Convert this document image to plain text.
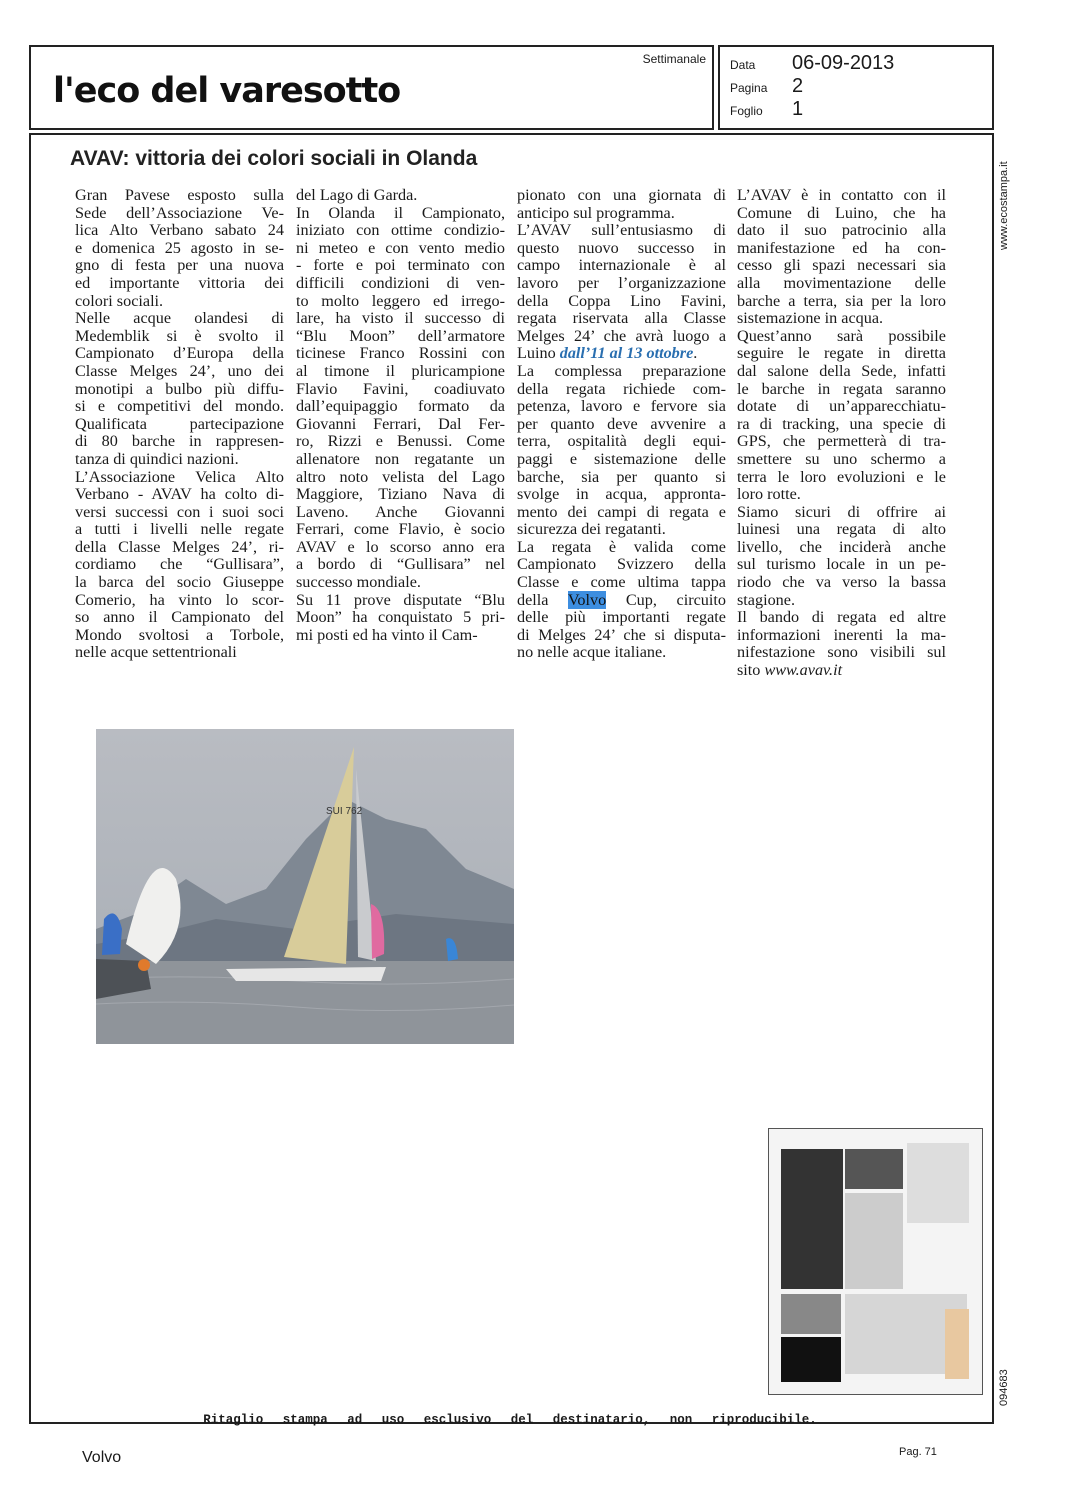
l'eco del varesotto
Settimanale Data 06-09-2013
Pagina 2
Foglio 1
AVAV: vittoria dei colori sociali in Olanda
Gran Pavese esposto sulla
Sede dell’Associazione Ve-
lica Alto Verbano sabato 24
e domenica 25 agosto in se-
gno di festa per una nuova
ed importante vittoria dei
colori sociali.
Nelle acque olandesi di
Medemblik si è svolto il
Campionato d’Europa della
Classe Melges 24’, uno dei
monotipi a bulbo più diffu-
si e competitivi del mondo.
Qualificata partecipazione
di 80 barche in rappresen-
tanza di quindici nazioni.
L’Associazione Velica Alto
Verbano - AVAV ha colto di-
versi successi con i suoi soci
a tutti i livelli nelle regate
della Classe Melges 24’, ri-
cordiamo che “Gullisara”,
la barca del socio Giuseppe
Comerio, ha vinto lo scor-
so anno il Campionato del
Mondo svoltosi a Torbole,
nelle acque settentrionali
del Lago di Garda.
In Olanda il Campionato,
iniziato con ottime condizio-
ni meteo e con vento medio
- forte e poi terminato con
difficili condizioni di ven-
to molto leggero ed irrego-
lare, ha visto il successo di
“Blu Moon” dell’armatore
ticinese Franco Rossini con
al timone il pluricampione
Flavio Favini, coadiuvato
dall’equipaggio formato da
Giovanni Ferrari, Dal Fer-
ro, Rizzi e Benussi. Come
allenatore non regatante un
altro noto velista del Lago
Maggiore, Tiziano Nava di
Laveno. Anche Giovanni
Ferrari, come Flavio, è socio
AVAV e lo scorso anno era
a bordo di “Gullisara” nel
successo mondiale.
Su 11 prove disputate “Blu
Moon” ha conquistato 5 pri-
mi posti ed ha vinto il Cam-
pionato con una giornata di
anticipo sul programma.
L’AVAV sull’entusiasmo di
questo nuovo successo in
campo internazionale è al
lavoro per l’organizzazione
della Coppa Lino Favini,
regata riservata alla Classe
Melges 24’ che avrà luogo a
Luino dall’11 al 13 ottobre.
La complessa preparazione
della regata richiede com-
petenza, lavoro e fervore sia
per quanto deve avvenire a
terra, ospitalità degli equi-
paggi e sistemazione delle
barche, sia per quanto si
svolge in acqua, appronta-
mento dei campi di regata e
sicurezza dei regatanti.
La regata è valida come
Campionato Svizzero della
Classe e come ultima tappa
della Volvo Cup, circuito
delle più importanti regate
di Melges 24’ che si disputa-
no nelle acque italiane.
L’AVAV è in contatto con il
Comune di Luino, che ha
dato il suo patrocinio alla
manifestazione ed ha con-
cesso gli spazi necessari sia
alla movimentazione delle
barche a terra, sia per la loro
sistemazione in acqua.
Quest’anno sarà possibile
seguire le regate in diretta
dal salone della Sede, infatti
le barche in regata saranno
dotate di un’apparecchiatu-
ra di tracking, una specie di
GPS, che permetterà di tra-
smettere su uno schermo a
terra le loro evoluzioni e le
loro rotte.
Siamo sicuri di offrire ai
luinesi una regata di alto
livello, che inciderà anche
sul turismo locale in un pe-
riodo che va verso la bassa
stagione.
Il bando di regata ed altre
informazioni inerenti la ma-
nifestazione sono visibili sul
sito www.avav.it
SUI 762
Ritaglio stampa ad uso esclusivo del destinatario, non riproducibile.
www.ecostampa.it
094683
Volvo	Pag. 71
